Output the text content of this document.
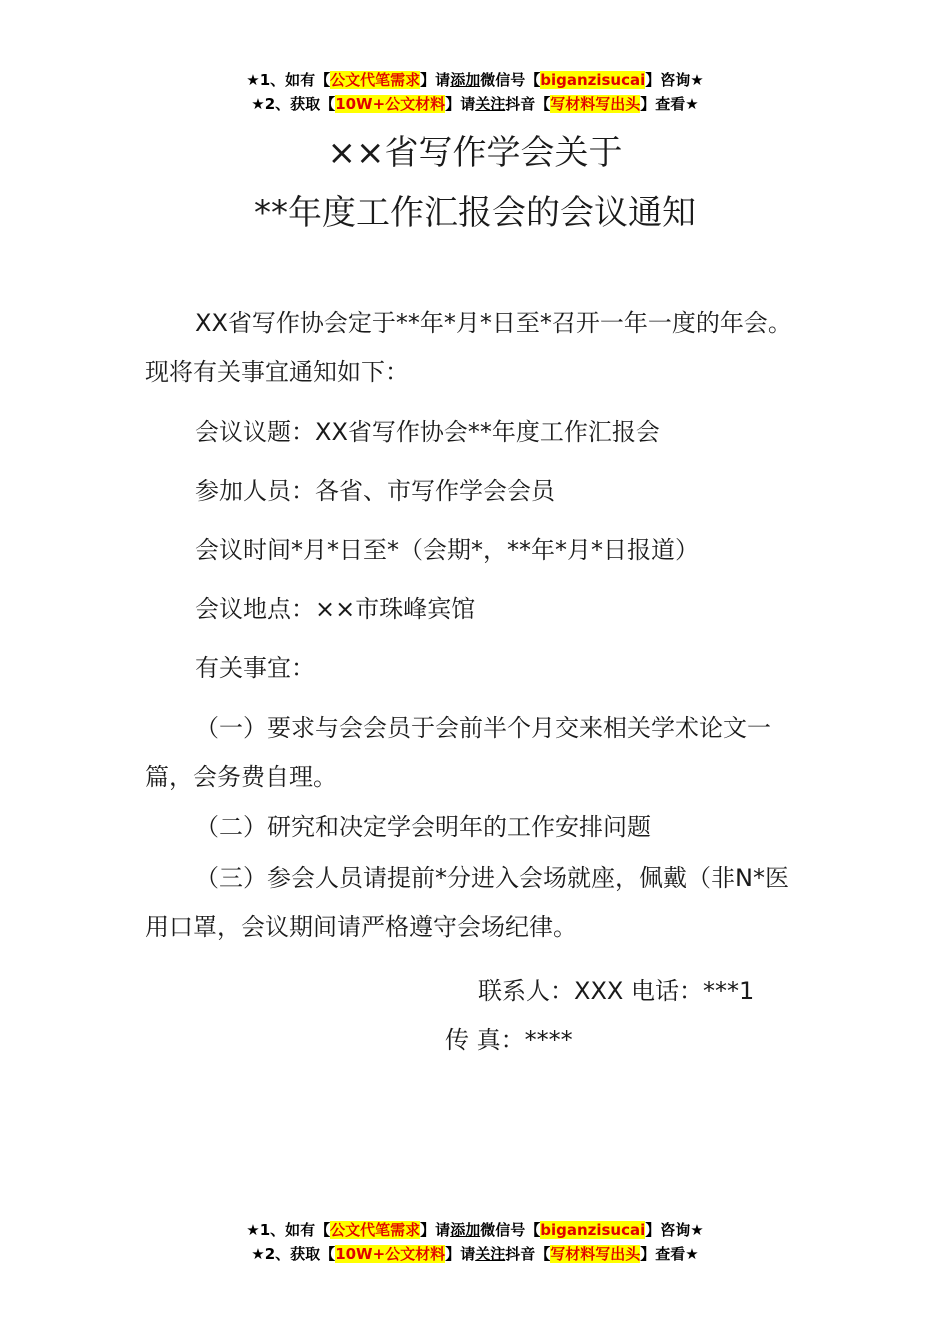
★1、如有【公文代笔需求】请添加微信号【biganzisucai】咨询★
★2、获取【10W+公文材料】请关注抖音【写材料写出头】查看★
××省写作学会关于
**年度工作汇报会的会议通知
XX省写作协会定于**年*月*日至*召开一年一度的年会。现将有关事宜通知如下：
会议议题：XX省写作协会**年度工作汇报会
参加人员：各省、市写作学会会员
会议时间*月*日至*（会期*，**年*月*日报道）
会议地点：××市珠峰宾馆
有关事宜：
（一）要求与会会员于会前半个月交来相关学术论文一篇，会务费自理。
（二）研究和决定学会明年的工作安排问题
（三）参会人员请提前*分进入会场就座，佩戴（非N*医用口罩，会议期间请严格遵守会场纪律。
联系人：XXX 电话：***1
传 真：****
★1、如有【公文代笔需求】请添加微信号【biganzisucai】咨询★
★2、获取【10W+公文材料】请关注抖音【写材料写出头】查看★
